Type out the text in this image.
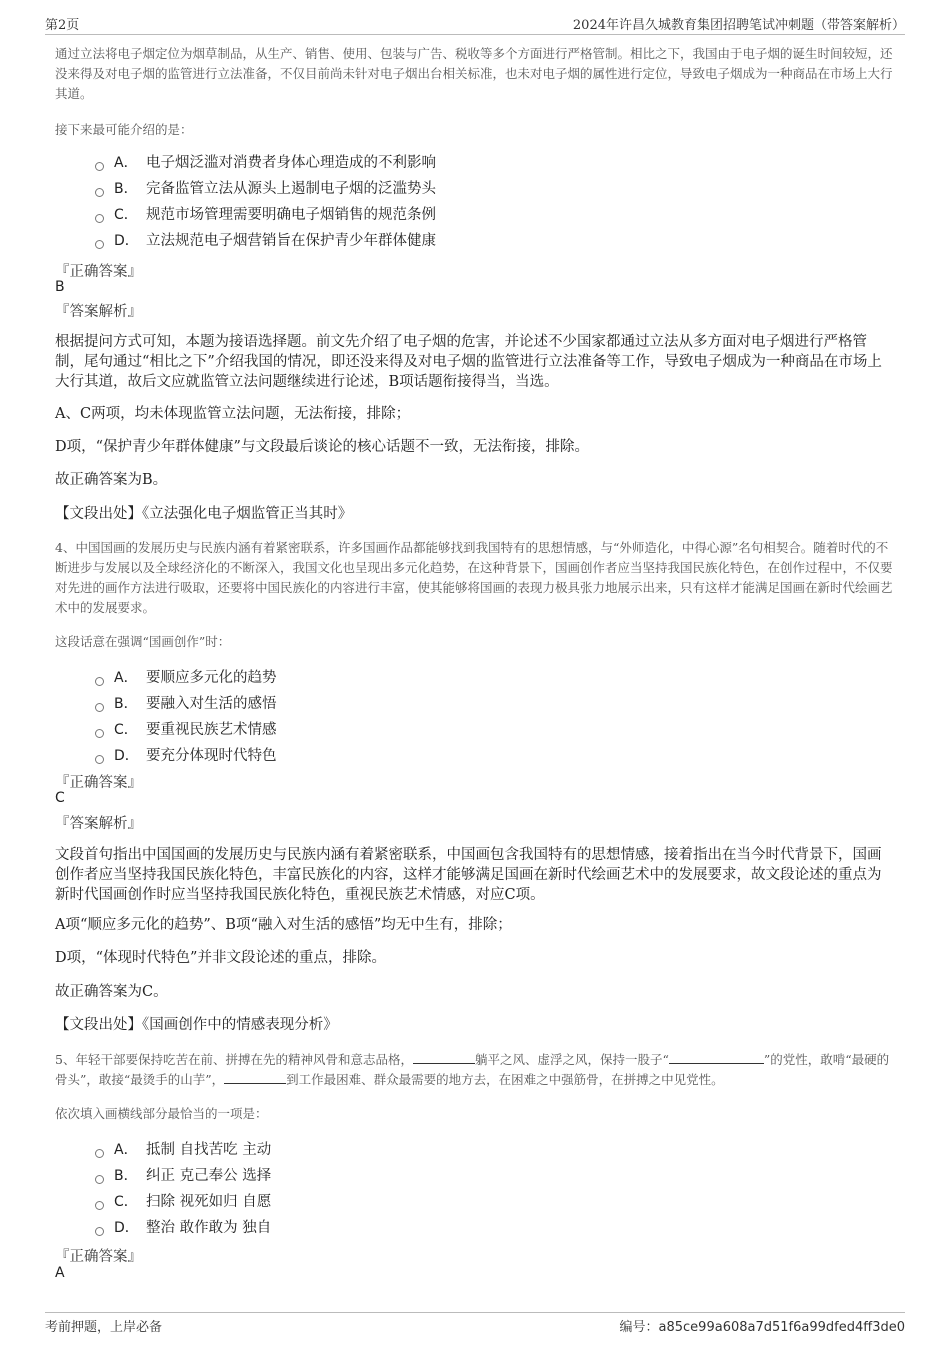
第2页	2024年许昌久城教育集团招聘笔试冲刺题（带答案解析）
通过立法将电子烟定位为烟草制品，从生产、销售、使用、包装与广告、税收等多个方面进行严格管制。相比之下，我国由于电子烟的诞生时间较短，还没来得及对电子烟的监管进行立法准备，不仅目前尚未针对电子烟出台相关标准，也未对电子烟的属性进行定位，导致电子烟成为一种商品在市场上大行其道。
接下来最可能介绍的是：
A． 电子烟泛滥对消费者身体心理造成的不利影响
B． 完备监管立法从源头上遏制电子烟的泛滥势头
C． 规范市场管理需要明确电子烟销售的规范条例
D． 立法规范电子烟营销旨在保护青少年群体健康
『正确答案』
B
『答案解析』
根据提问方式可知，本题为接语选择题。前文先介绍了电子烟的危害，并论述不少国家都通过立法从多方面对电子烟进行严格管制，尾句通过“相比之下”介绍我国的情况，即还没来得及对电子烟的监管进行立法准备等工作，导致电子烟成为一种商品在市场上大行其道，故后文应就监管立法问题继续进行论述，B项话题衔接得当，当选。
A、C两项，均未体现监管立法问题，无法衔接，排除；
D项，“保护青少年群体健康”与文段最后谈论的核心话题不一致，无法衔接，排除。
故正确答案为B。
【文段出处】《立法强化电子烟监管正当其时》
4、中国国画的发展历史与民族内涵有着紧密联系，许多国画作品都能够找到我国特有的思想情感，与“外师造化，中得心源”名句相契合。随着时代的不断进步与发展以及全球经济化的不断深入，我国文化也呈现出多元化趋势，在这种背景下，国画创作者应当坚持我国民族化特色，在创作过程中，不仅要对先进的画作方法进行吸取，还要将中国民族化的内容进行丰富，使其能够将国画的表现力极具张力地展示出来，只有这样才能满足国画在新时代绘画艺术中的发展要求。
这段话意在强调“国画创作”时：
A． 要顺应多元化的趋势
B． 要融入对生活的感悟
C． 要重视民族艺术情感
D． 要充分体现时代特色
『正确答案』
C
『答案解析』
文段首句指出中国国画的发展历史与民族内涵有着紧密联系，中国画包含我国特有的思想情感，接着指出在当今时代背景下，国画创作者应当坚持我国民族化特色，丰富民族化的内容，这样才能够满足国画在新时代绘画艺术中的发展要求，故文段论述的重点为新时代国画创作时应当坚持我国民族化特色，重视民族艺术情感，对应C项。
A项“顺应多元化的趋势”、B项“融入对生活的感悟”均无中生有，排除；
D项，“体现时代特色”并非文段论述的重点，排除。
故正确答案为C。
【文段出处】《国画创作中的情感表现分析》
5、年轻干部要保持吃苦在前、拼搏在先的精神风骨和意志品格，	躺平之风、虚浮之风，保持一股子“	”的党性，敢啃“最硬的骨头”，敢接“最烫手的山芋”，	到工作最困难、群众最需要的地方去，在困难之中强筋骨，在拼搏之中见党性。
依次填入画横线部分最恰当的一项是：
A． 抵制 自找苦吃 主动
B． 纠正 克己奉公 选择
C． 扫除 视死如归 自愿
D． 整治 敢作敢为 独自
『正确答案』
A
考前押题，上岸必备	编号：a85ce99a608a7d51f6a99dfed4ff3de0
